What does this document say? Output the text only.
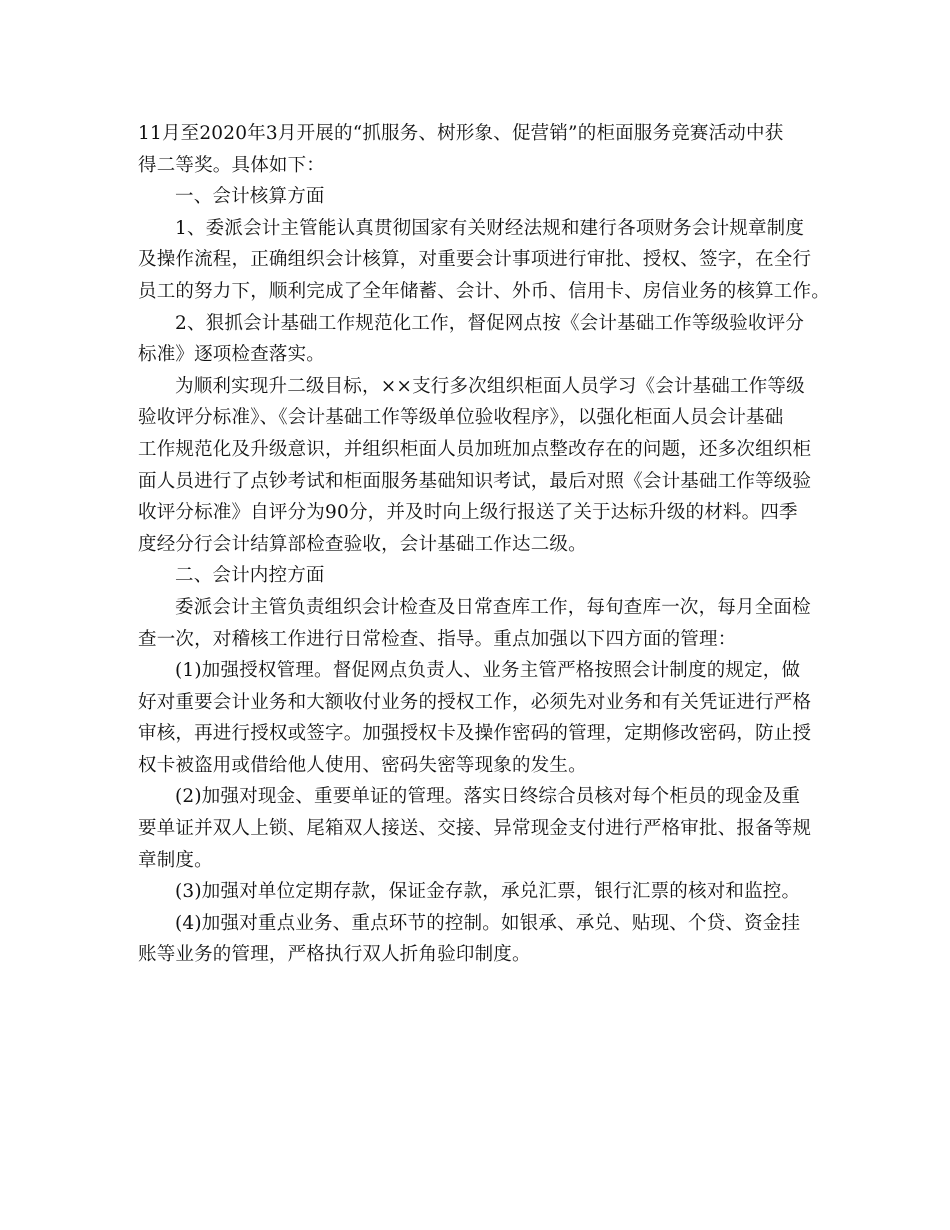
11月至2020年3月开展的“抓服务、树形象、促营销”的柜面服务竞赛活动中获
得二等奖。具体如下：
一、会计核算方面
1、委派会计主管能认真贯彻国家有关财经法规和建行各项财务会计规章制度
及操作流程，正确组织会计核算，对重要会计事项进行审批、授权、签字，在全行
员工的努力下，顺利完成了全年储蓄、会计、外币、信用卡、房信业务的核算工作。
2、狠抓会计基础工作规范化工作，督促网点按《会计基础工作等级验收评分
标准》逐项检查落实。
为顺利实现升二级目标，××支行多次组织柜面人员学习《会计基础工作等级
验收评分标准》、《会计基础工作等级单位验收程序》，以强化柜面人员会计基础
工作规范化及升级意识，并组织柜面人员加班加点整改存在的问题，还多次组织柜
面人员进行了点钞考试和柜面服务基础知识考试，最后对照《会计基础工作等级验
收评分标准》自评分为90分，并及时向上级行报送了关于达标升级的材料。四季
度经分行会计结算部检查验收，会计基础工作达二级。
二、会计内控方面
委派会计主管负责组织会计检查及日常查库工作，每旬查库一次，每月全面检
查一次，对稽核工作进行日常检查、指导。重点加强以下四方面的管理：
(1)加强授权管理。督促网点负责人、业务主管严格按照会计制度的规定，做
好对重要会计业务和大额收付业务的授权工作，必须先对业务和有关凭证进行严格
审核，再进行授权或签字。加强授权卡及操作密码的管理，定期修改密码，防止授
权卡被盗用或借给他人使用、密码失密等现象的发生。
(2)加强对现金、重要单证的管理。落实日终综合员核对每个柜员的现金及重
要单证并双人上锁、尾箱双人接送、交接、异常现金支付进行严格审批、报备等规
章制度。
(3)加强对单位定期存款，保证金存款，承兑汇票，银行汇票的核对和监控。
(4)加强对重点业务、重点环节的控制。如银承、承兑、贴现、个贷、资金挂
账等业务的管理，严格执行双人折角验印制度。
